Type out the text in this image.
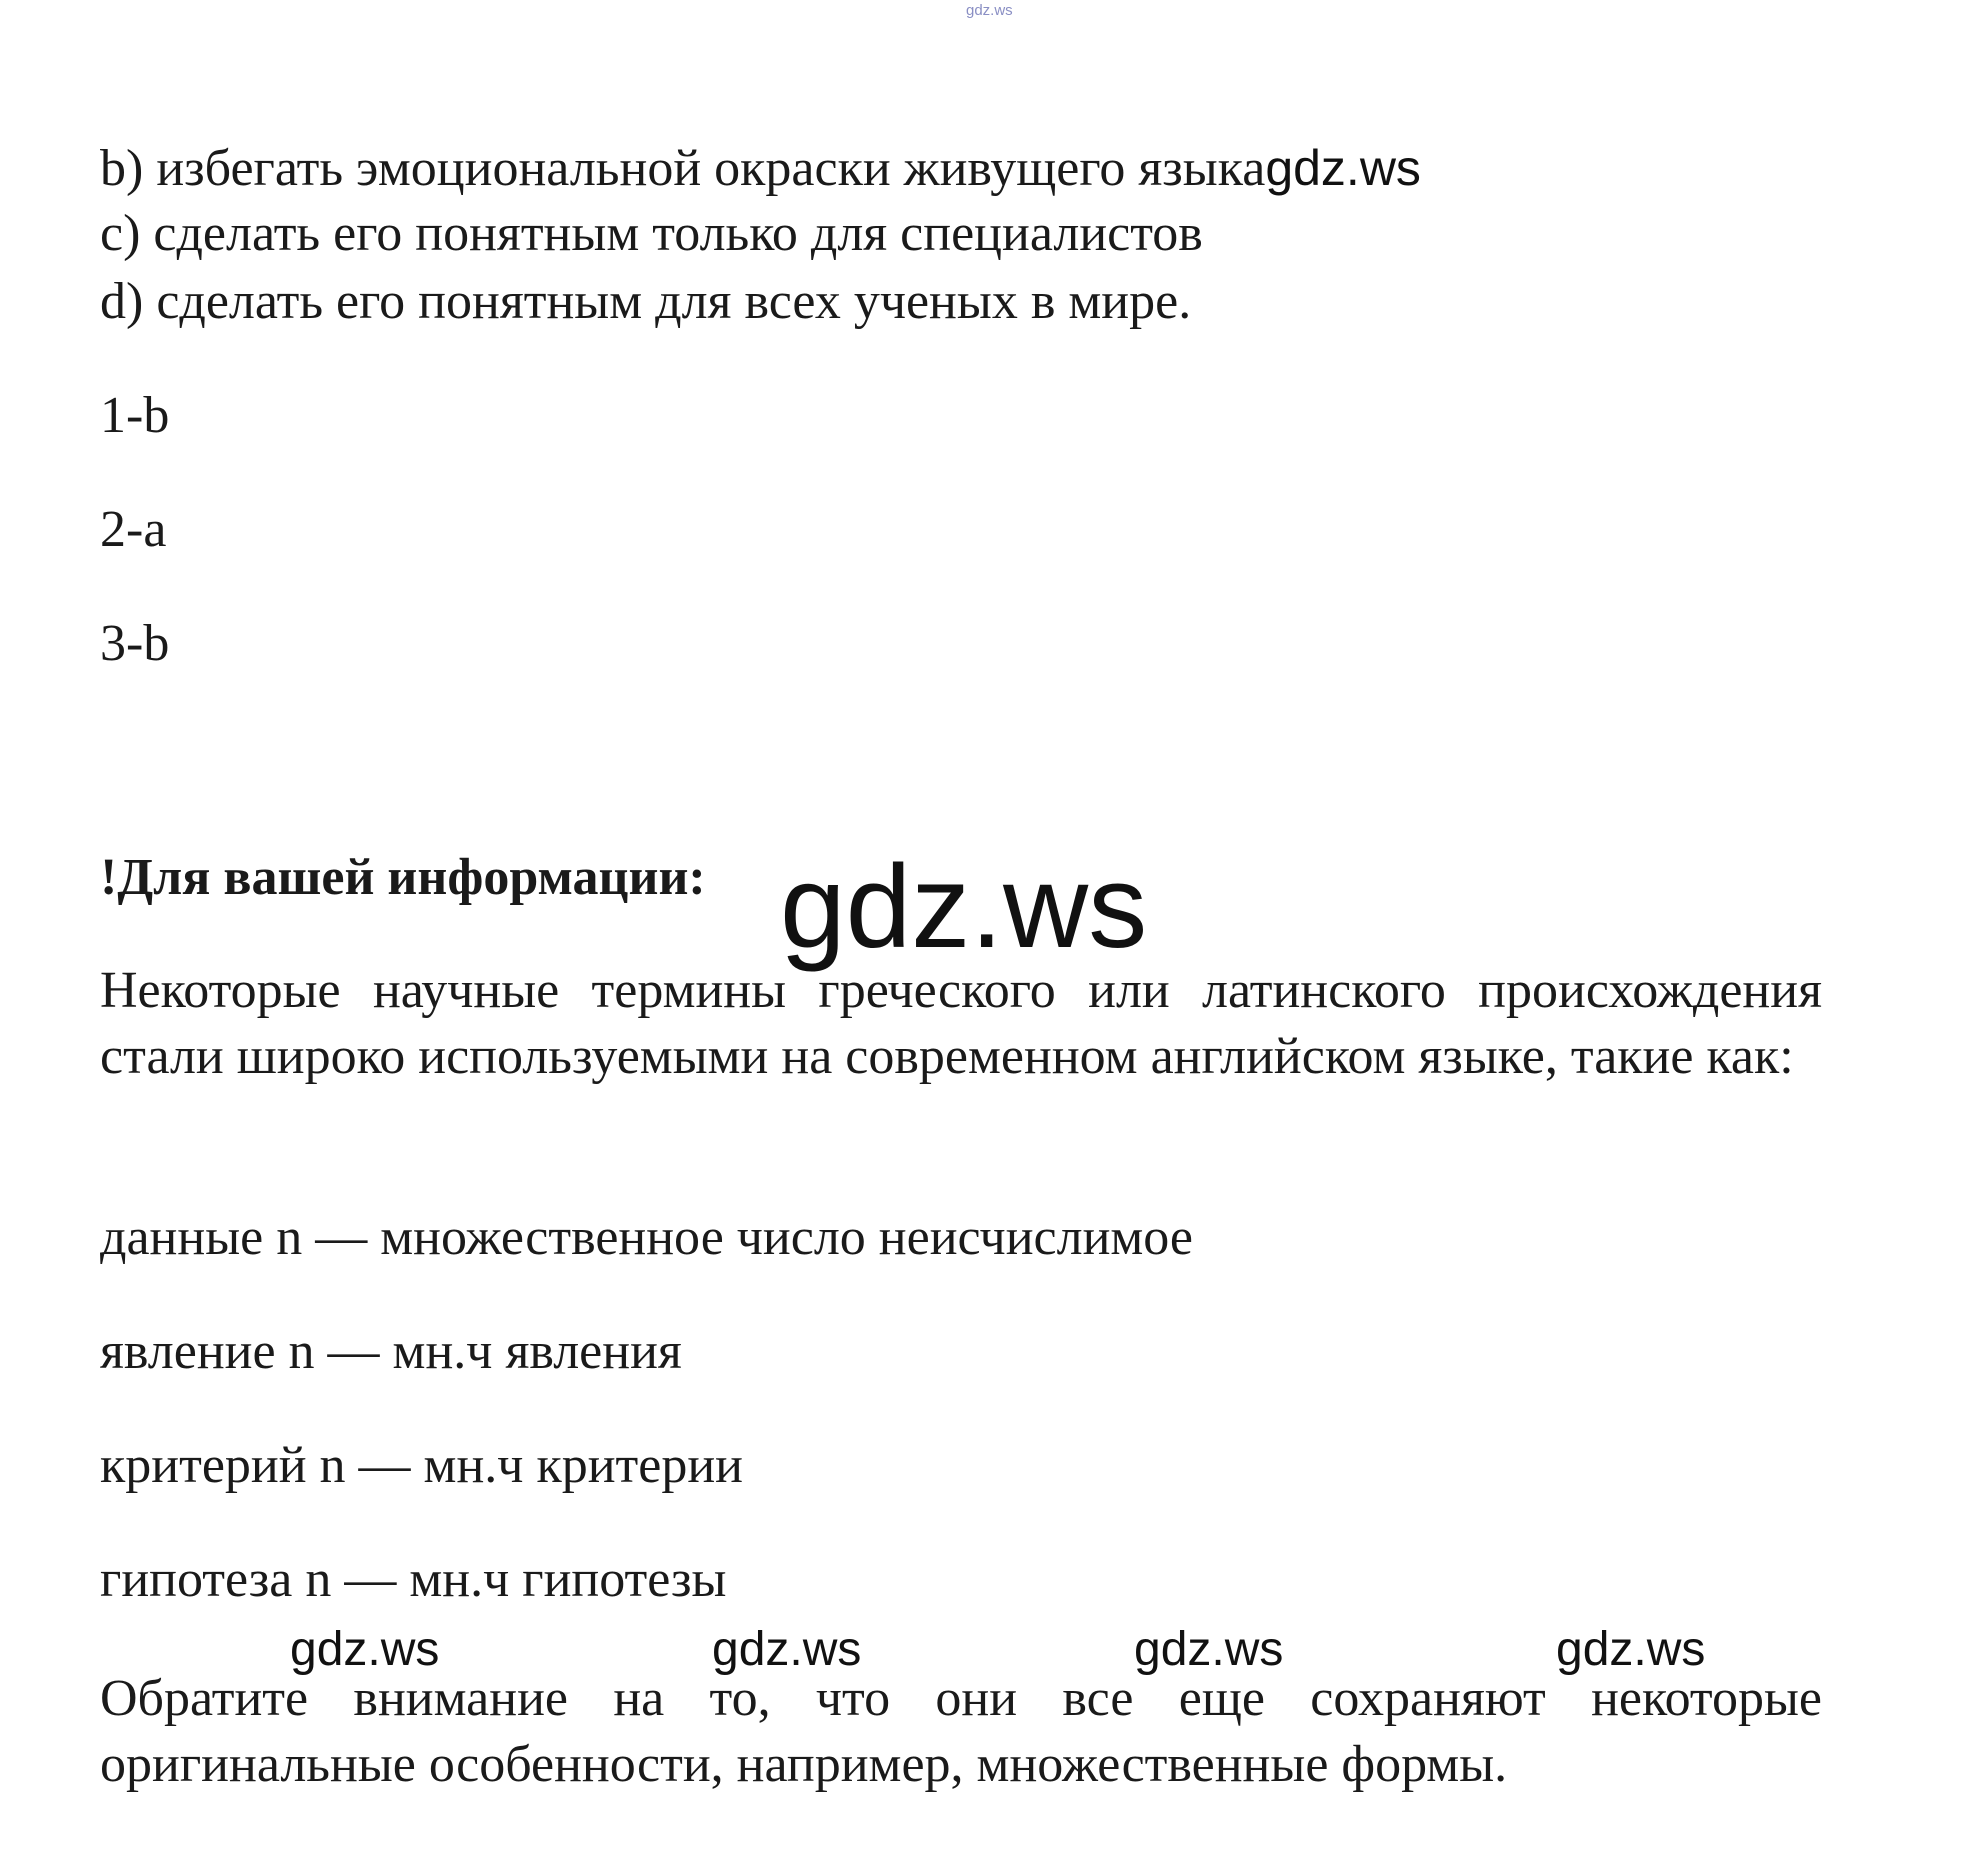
gdz.ws
b) избегать эмоциональной окраски живущего языкаgdz.ws
c) сделать его понятным только для специалистов
d) сделать его понятным для всех ученых в мире.
1-b
2-a
3-b
!Для вашей информации: gdz.ws
Некоторые научные термины греческого или латинского происхождения стали широко используемыми на современном английском языке, такие как:
данные n — множественное число неисчислимое
явление n — мн.ч явления
критерий n — мн.ч критерии
гипотеза n — мн.ч гипотезы
gdz.ws	gdz.ws	gdz.ws	gdz.ws
Обратите внимание на то, что они все еще сохраняют некоторые оригинальные особенности, например, множественные формы.
